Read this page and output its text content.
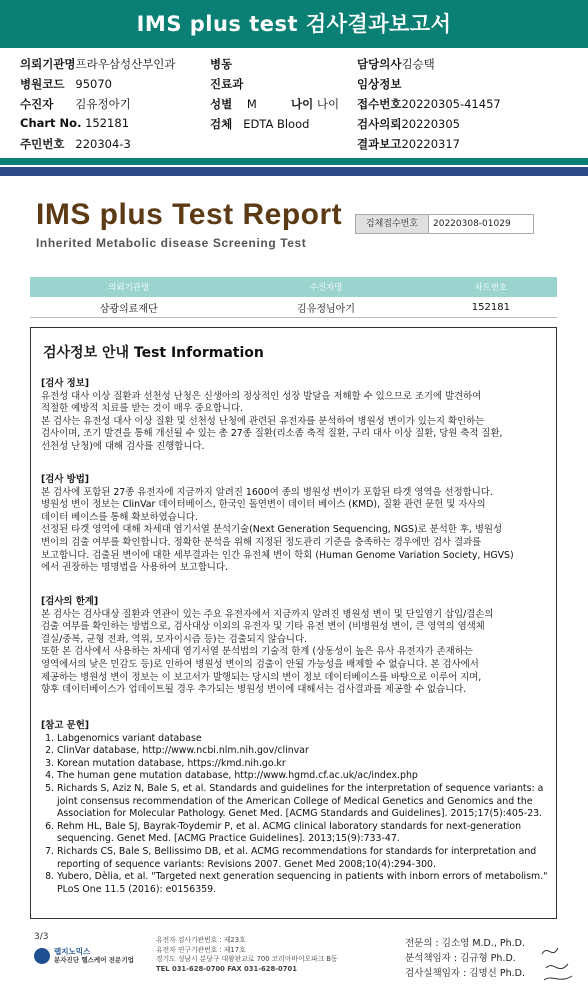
IMS plus test 검사결과보고서
의뢰기관명프라우삼성산부인과	병동	담당의사김승택
병원코드 95070	진료과	임상정보
수진자 김유정아기	성별 M	나이 나이 접수번호20220305-41457
Chart No. 152181	검체 EDTA Blood	검사의뢰20220305
주민번호 220304-3	결과보고20220317
IMS plus Test Report
Inherited Metabolic disease Screening Test
검체접수번호	20220308-01029
의뢰기관명	수진자명	차트번호
삼광의료재단	김유정님아기	152181
검사정보 안내 Test Information

[검사 정보]

유전성 대사 이상 질환과 선천성 난청은 신생아의 정상적인 성장 발달을 저해할 수 있으므로 조기에 발견하여

적절한 예방적 치료를 받는 것이 매우 중요합니다.

본 검사는 유전성 대사 이상 질환 및 선천성 난청에 관련된 유전자를 분석하여 병원성 변이가 있는지 확인하는

검사이며, 조기 발견을 통해 개선될 수 있는 총 27종 질환(리소좀 축적 질환, 구리 대사 이상 질환, 당원 축적 질환,

선천성 난청)에 대해 검사를 진행합니다.

[검사 방법]

본 검사에 포함된 27종 유전자에 지금까지 알려진 1600여 종의 병원성 변이가 포함된 타겟 영역을 선정합니다.

병원성 변이 정보는 ClinVar 데이터베이스, 한국인 돌연변이 데이터 베이스 (KMD), 질환 관련 문헌 및 자사의

데이터 베이스를 통해 확보하였습니다.

선정된 타겟 영역에 대해 차세대 염기서열 분석기술(Next Generation Sequencing, NGS)로 분석한 후, 병원성

변이의 검출 여부를 확인합니다. 정확한 분석을 위해 지정된 정도관리 기준을 충족하는 경우에만 검사 결과를

보고합니다. 검출된 변이에 대한 세부결과는 인간 유전체 변이 학회 (Human Genome Variation Society, HGVS)

에서 권장하는 명명법을 사용하여 보고합니다.

[검사의 한계]

본 검사는 검사대상 질환과 연관이 있는 주요 유전자에서 지금까지 알려진 병원성 변이 및 단일염기 삽입/결손의

검출 여부를 확인하는 방법으로, 검사대상 이외의 유전자 및 기타 유전 변이 (비병원성 변이, 큰 영역의 염색체

결실/중복, 균형 전좌, 역위, 모자이시즘 등)는 검출되지 않습니다.

또한 본 검사에서 사용하는 차세대 염기서열 분석법의 기술적 한계 (상동성이 높은 유사 유전자가 존재하는

영역에서의 낮은 민감도 등)로 인하여 병원성 변이의 검출이 안될 가능성을 배제할 수 없습니다. 본 검사에서

제공하는 병원성 변이 정보는 이 보고서가 발행되는 당시의 변이 정보 데이터베이스를 바탕으로 이루어 지며,

향후 데이터베이스가 업데이트될 경우 추가되는 병원성 변이에 대해서는 검사결과를 제공할 수 없습니다.

[참고 문헌]

1. Labgenomics variant database
2. ClinVar database, http://www.ncbi.nlm.nih.gov/clinvar
3. Korean mutation database, https://kmd.nih.go.kr
4. The human gene mutation database, http://www.hgmd.cf.ac.uk/ac/index.php
5. Richards S, Aziz N, Bale S, et al. Standards and guidelines for the interpretation of sequence variants: a joint consensus recommendation of the American College of Medical Genetics and Genomics and the Association for Molecular Pathology. Genet Med. [ACMG Standards and Guidelines]. 2015;17(5):405-23.
6. Rehm HL, Bale SJ, Bayrak-Toydemir P, et al. ACMG clinical laboratory standards for next-generation sequencing. Genet Med. [ACMG Practice Guidelines]. 2013;15(9):733-47.
7. Richards CS, Bale S, Bellissimo DB, et al. ACMG recommendations for standards for interpretation and reporting of sequence variants: Revisions 2007. Genet Med 2008;10(4):294-300.
8. Yubero, Dèlia, et al. "Targeted next generation sequencing in patients with inborn errors of metabolism." PLoS One 11.5 (2016): e0156359.
3/3
랩지노믹스
분자진단 헬스케어 전문기업
유전자 검사기관번호 : 제23호
유전자 연구기관번호 : 제17호
경기도 성남시 분당구 대왕판교로 700 코리아바이오파크 B동
TEL 031-628-0700 FAX 031-628-0701
전문의 : 김소영 M.D., Ph.D.
분석책임자 : 김규형 Ph.D.
검사실책임자 : 김명신 Ph.D.
